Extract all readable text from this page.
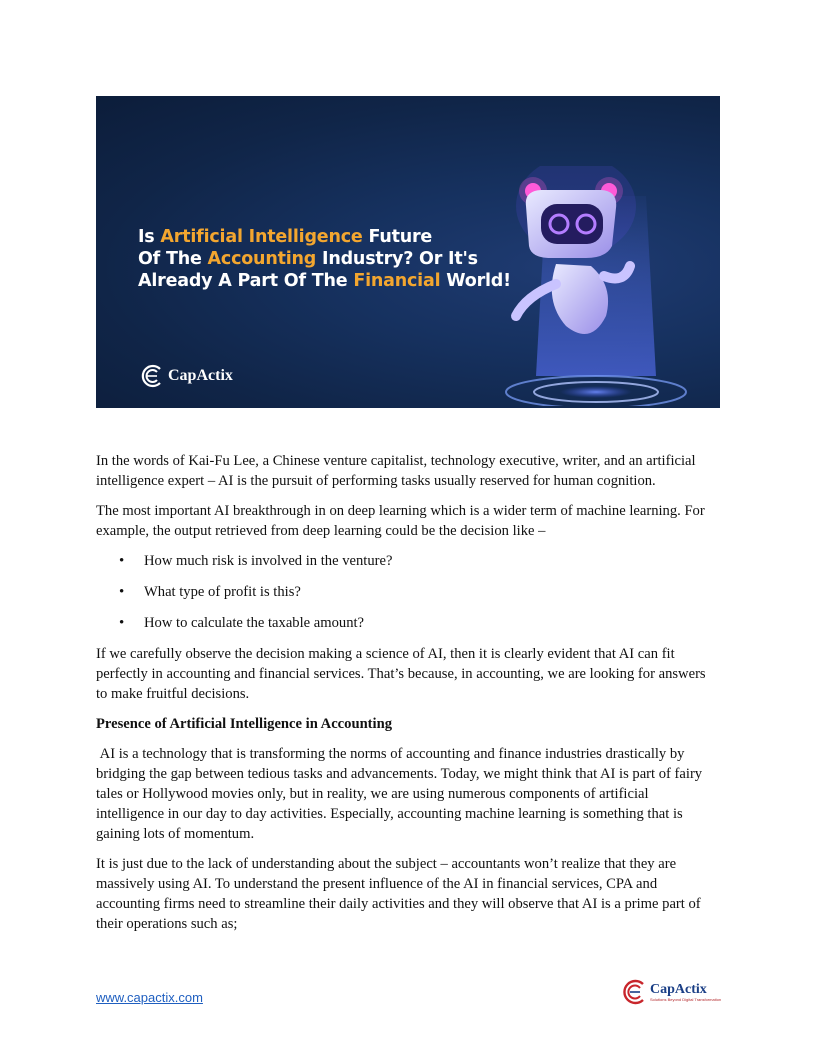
Is Artificial Intelligence Future
Of The Accounting Industry? Or It's
Already A Part Of The Financial World!
CapActix

In the words of Kai-Fu Lee, a Chinese venture capitalist, technology executive, writer, and an artificial intelligence expert – AI is the pursuit of performing tasks usually reserved for human cognition.

The most important AI breakthrough in on deep learning which is a wider term of machine learning. For example, the output retrieved from deep learning could be the decision like –

• How much risk is involved in the venture?
• What type of profit is this?
• How to calculate the taxable amount?

If we carefully observe the decision making a science of AI, then it is clearly evident that AI can fit perfectly in accounting and financial services. That’s because, in accounting, we are looking for answers to make fruitful decisions.

Presence of Artificial Intelligence in Accounting

AI is a technology that is transforming the norms of accounting and finance industries drastically by bridging the gap between tedious tasks and advancements. Today, we might think that AI is part of fairy tales or Hollywood movies only, but in reality, we are using numerous components of artificial intelligence in our day to day activities. Especially, accounting machine learning is something that is gaining lots of momentum.

It is just due to the lack of understanding about the subject – accountants won’t realize that they are massively using AI. To understand the present influence of the AI in financial services, CPA and accounting firms need to streamline their daily activities and they will observe that AI is a prime part of their operations such as;

www.capactix.com
CapActix
Solutions Beyond Digital Transformation
